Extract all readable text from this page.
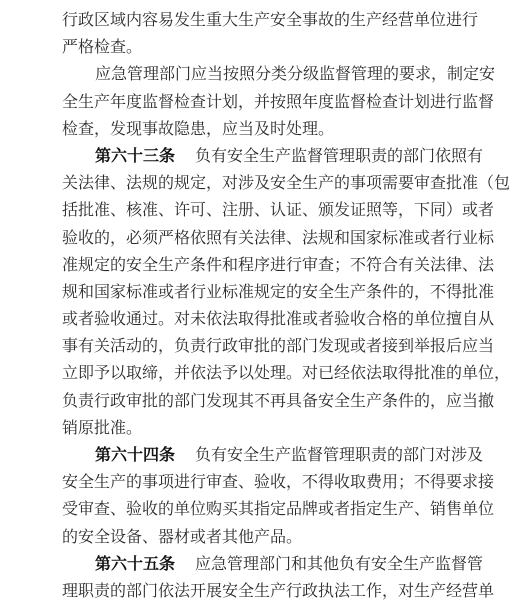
行政区域内容易发生重大生产安全事故的生产经营单位进行
严格检查。
应急管理部门应当按照分类分级监督管理的要求，制定安
全生产年度监督检查计划，并按照年度监督检查计划进行监督
检查，发现事故隐患，应当及时处理。
第六十三条 负有安全生产监督管理职责的部门依照有
关法律、法规的规定，对涉及安全生产的事项需要审查批准（包
括批准、核准、许可、注册、认证、颁发证照等，下同）或者
验收的，必须严格依照有关法律、法规和国家标准或者行业标
准规定的安全生产条件和程序进行审查；不符合有关法律、法
规和国家标准或者行业标准规定的安全生产条件的，不得批准
或者验收通过。对未依法取得批准或者验收合格的单位擅自从
事有关活动的，负责行政审批的部门发现或者接到举报后应当
立即予以取缔，并依法予以处理。对已经依法取得批准的单位，
负责行政审批的部门发现其不再具备安全生产条件的，应当撤
销原批准。
第六十四条 负有安全生产监督管理职责的部门对涉及
安全生产的事项进行审查、验收，不得收取费用；不得要求接
受审查、验收的单位购买其指定品牌或者指定生产、销售单位
的安全设备、器材或者其他产品。
第六十五条 应急管理部门和其他负有安全生产监督管
理职责的部门依法开展安全生产行政执法工作，对生产经营单
